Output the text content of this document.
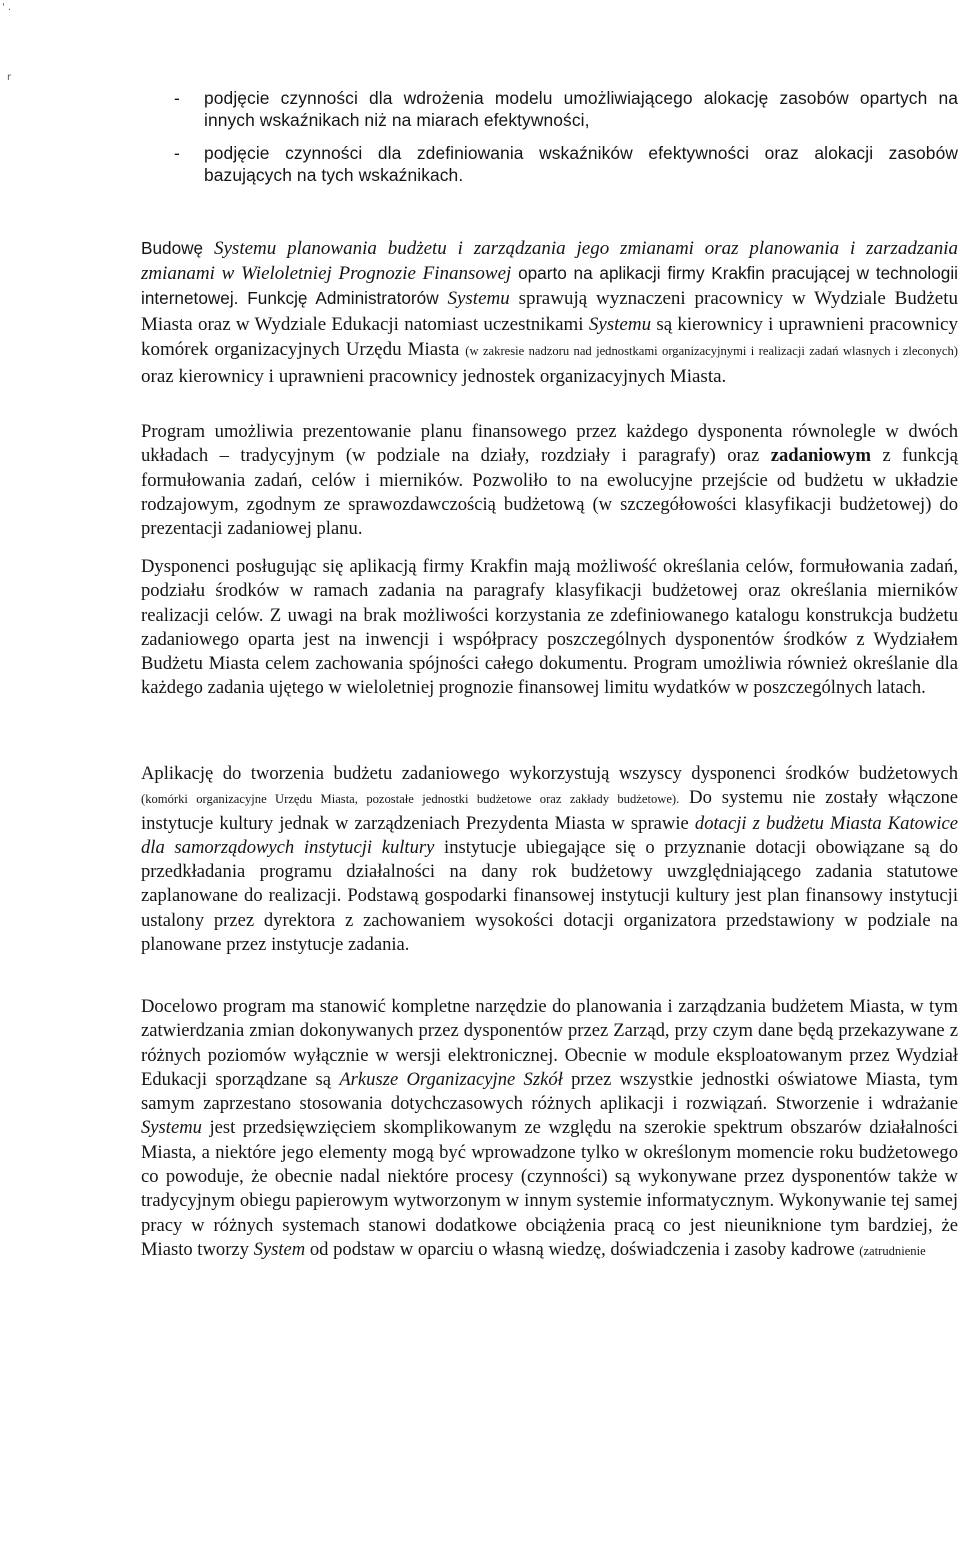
' .
r
- podjęcie czynności dla wdrożenia modelu umożliwiającego alokację zasobów opartych na innych wskaźnikach niż na miarach efektywności,
- podjęcie czynności dla zdefiniowania wskaźników efektywności oraz alokacji zasobów bazujących na tych wskaźnikach.

Budowę Systemu planowania budżetu i zarządzania jego zmianami oraz planowania i zarzadzania zmianami w Wieloletniej Prognozie Finansowej oparto na aplikacji firmy Krakfin pracującej w technologii internetowej. Funkcję Administratorów Systemu sprawują wyznaczeni pracownicy w Wydziale Budżetu Miasta oraz w Wydziale Edukacji natomiast uczestnikami Systemu są kierownicy i uprawnieni pracownicy komórek organizacyjnych Urzędu Miasta (w zakresie nadzoru nad jednostkami organizacyjnymi i realizacji zadań wlasnych i zleconych) oraz kierownicy i uprawnieni pracownicy jednostek organizacyjnych Miasta.

Program umożliwia prezentowanie planu finansowego przez każdego dysponenta równolegle w dwóch układach – tradycyjnym (w podziale na działy, rozdziały i paragrafy) oraz zadaniowym z funkcją formułowania zadań, celów i mierników. Pozwoliło to na ewolucyjne przejście od budżetu w układzie rodzajowym, zgodnym ze sprawozdawczością budżetową (w szczegółowości klasyfikacji budżetowej) do prezentacji zadaniowej planu.

Dysponenci posługując się aplikacją firmy Krakfin mają możliwość określania celów, formułowania zadań, podziału środków w ramach zadania na paragrafy klasyfikacji budżetowej oraz określania mierników realizacji celów. Z uwagi na brak możliwości korzystania ze zdefiniowanego katalogu konstrukcja budżetu zadaniowego oparta jest na inwencji i współpracy poszczególnych dysponentów środków z Wydziałem Budżetu Miasta celem zachowania spójności całego dokumentu. Program umożliwia również określanie dla każdego zadania ujętego w wieloletniej prognozie finansowej limitu wydatków w poszczególnych latach.

Aplikację do tworzenia budżetu zadaniowego wykorzystują wszyscy dysponenci środków budżetowych (komórki organizacyjne Urzędu Miasta, pozostałe jednostki budżetowe oraz zakłady budżetowe). Do systemu nie zostały włączone instytucje kultury jednak w zarządzeniach Prezydenta Miasta w sprawie dotacji z budżetu Miasta Katowice dla samorządowych instytucji kultury instytucje ubiegające się o przyznanie dotacji obowiązane są do przedkładania programu działalności na dany rok budżetowy uwzględniającego zadania statutowe zaplanowane do realizacji. Podstawą gospodarki finansowej instytucji kultury jest plan finansowy instytucji ustalony przez dyrektora z zachowaniem wysokości dotacji organizatora przedstawiony w podziale na planowane przez instytucje zadania.

Docelowo program ma stanowić kompletne narzędzie do planowania i zarządzania budżetem Miasta, w tym zatwierdzania zmian dokonywanych przez dysponentów przez Zarząd, przy czym dane będą przekazywane z różnych poziomów wyłącznie w wersji elektronicznej. Obecnie w module eksploatowanym przez Wydział Edukacji sporządzane są Arkusze Organizacyjne Szkół przez wszystkie jednostki oświatowe Miasta, tym samym zaprzestano stosowania dotychczasowych różnych aplikacji i rozwiązań. Stworzenie i wdrażanie Systemu jest przedsięwzięciem skomplikowanym ze względu na szerokie spektrum obszarów działalności Miasta, a niektóre jego elementy mogą być wprowadzone tylko w określonym momencie roku budżetowego co powoduje, że obecnie nadal niektóre procesy (czynności) są wykonywane przez dysponentów także w tradycyjnym obiegu papierowym wytworzonym w innym systemie informatycznym. Wykonywanie tej samej pracy w różnych systemach stanowi dodatkowe obciążenia pracą co jest nieuniknione tym bardziej, że Miasto tworzy System od podstaw w oparciu o własną wiedzę, doświadczenia i zasoby kadrowe (zatrudnienie
